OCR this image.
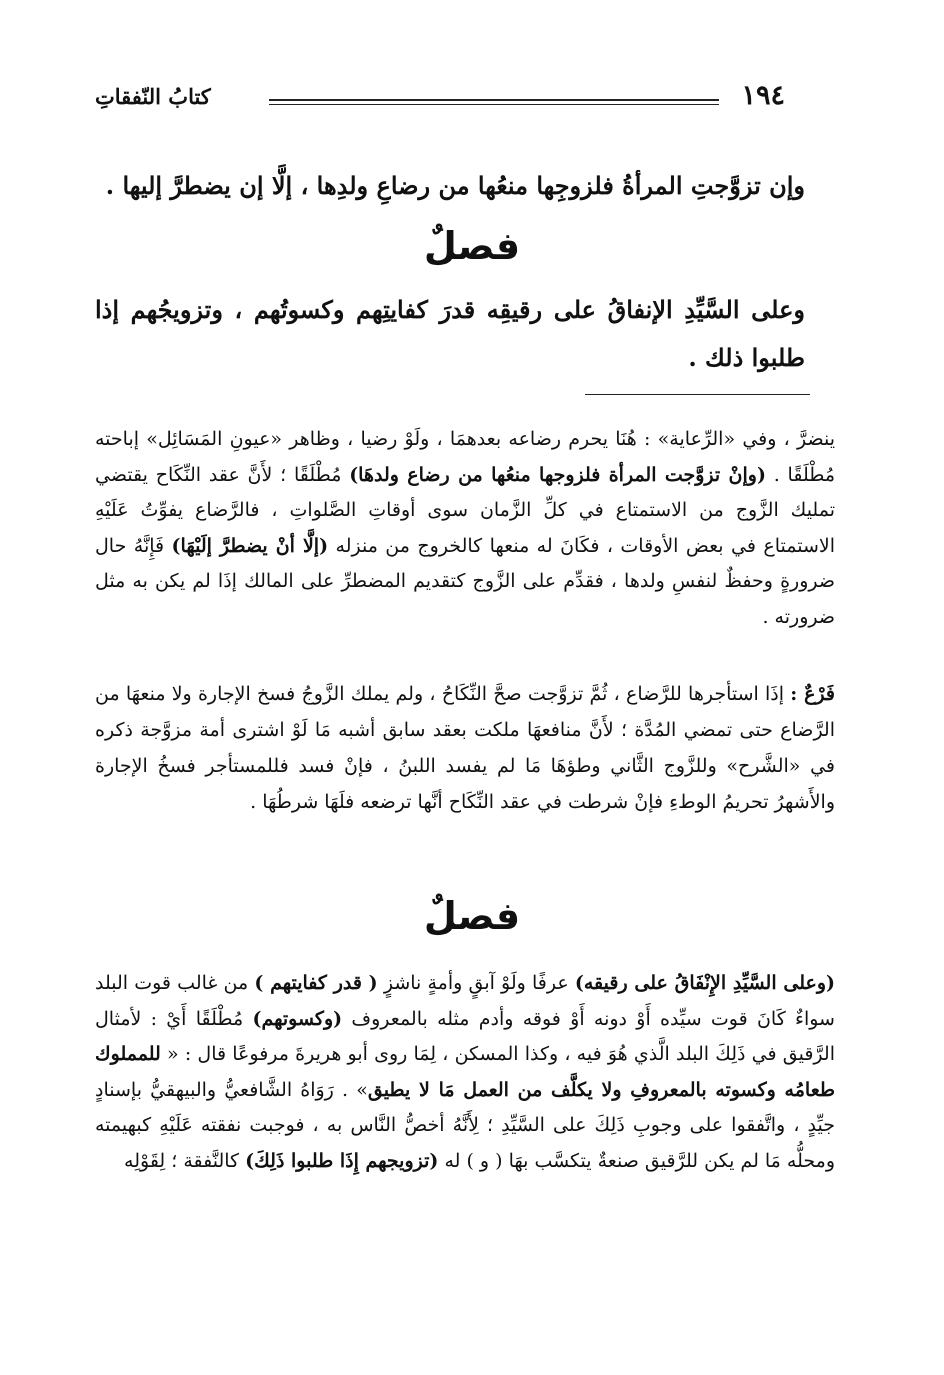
١٩٤
كتابُ النّفقاتِ
وإن تزوَّجتِ المرأةُ فلزوجِها منعُها من رضاعِ ولدِها ، إلَّا إن يضطرَّ إليها .
فصلٌ
وعلى السَّيِّدِ الإنفاقُ على رقيقِه قدرَ كفايتِهم وكسوتُهم ، وتزويجُهم إذا طلبوا ذلك .
ينضرَّ ، وفي «الرِّعاية» : هُنَا يحرم رضاعه بعدهمَا ، ولَوْ رضيا ، وظاهر «عيونِ المَسَائِل» إباحته مُطْلَقًا . (وإنْ تزوَّجت المرأة فلزوجها منعُها من رضاع ولدهَا) مُطْلَقًا ؛ لأَنَّ عقد النِّكَاح يقتضي تمليك الزَّوج من الاستمتاع في كلِّ الزَّمان سوى أوقاتِ الصَّلواتِ ، فالرَّضاع يفوِّتُ عَلَيْهِ الاستمتاع في بعض الأوقات ، فكَانَ له منعها كالخروج من منزله (إلَّا أنْ يضطرَّ إلَيْهَا) فَإِنَّهُ حال ضرورةٍ وحفظٌ لنفسِ ولدها ، فقدِّم على الزَّوج كتقديم المضطرِّ على المالك إذَا لم يكن به مثل ضرورته .
فَرْعٌ : إذَا استأجرها للرَّضاع ، ثُمَّ تزوَّجت صحَّ النِّكَاحُ ، ولم يملك الزَّوجُ فسخ الإجارة ولا منعهَا من الرَّضاع حتى تمضي المُدَّة ؛ لأَنَّ منافعهَا ملكت بعقد سابق أشبه مَا لَوْ اشترى أمة مزوَّجة ذكره في «الشَّرح» وللزَّوج الثَّاني وطؤهَا مَا لم يفسد اللبنُ ، فإنْ فسد فللمستأجر فسخُ الإجارة والأَشهرُ تحريمُ الوطءِ فإنْ شرطت في عقد النِّكَاح أنَّها ترضعه فلَهَا شرطُهَا .
فصلٌ
(وعلى السَّيِّدِ الإِنْفَاقُ على رقيقه) عرفًا ولَوْ آبقٍ وأمةٍ ناشزٍ ( قدر كفايتهم ) من غالب قوت البلد سواءٌ كَانَ قوت سيِّده أَوْ دونه أَوْ فوقه وأدم مثله بالمعروف (وكسوتهم) مُطْلَقًا أَيْ : لأمثال الرَّقيق في ذَلِكَ البلد الَّذي هُوَ فيه ، وكذا المسكن ، لِمَا روى أبو هريرةَ مرفوعًا قال : « للمملوك طعامُه وكسوته بالمعروفِ ولا يكلَّف من العمل مَا لا يطيق» . رَوَاهُ الشَّافعيُّ والبيهقيُّ بإسنادٍ جيِّدٍ ، واتَّفقوا على وجوبِ ذَلِكَ على السَّيِّدِ ؛ لِأَنَّهُ أخصُّ النَّاس به ، فوجبت نفقته عَلَيْهِ كبهيمته ومحلُّه مَا لم يكن للرَّقيق صنعةٌ يتكسَّب بهَا ( و ) له (تزويجهم إِذَا طلبوا ذَلِكَ) كالنَّفقة ؛ لِقَوْلِه
